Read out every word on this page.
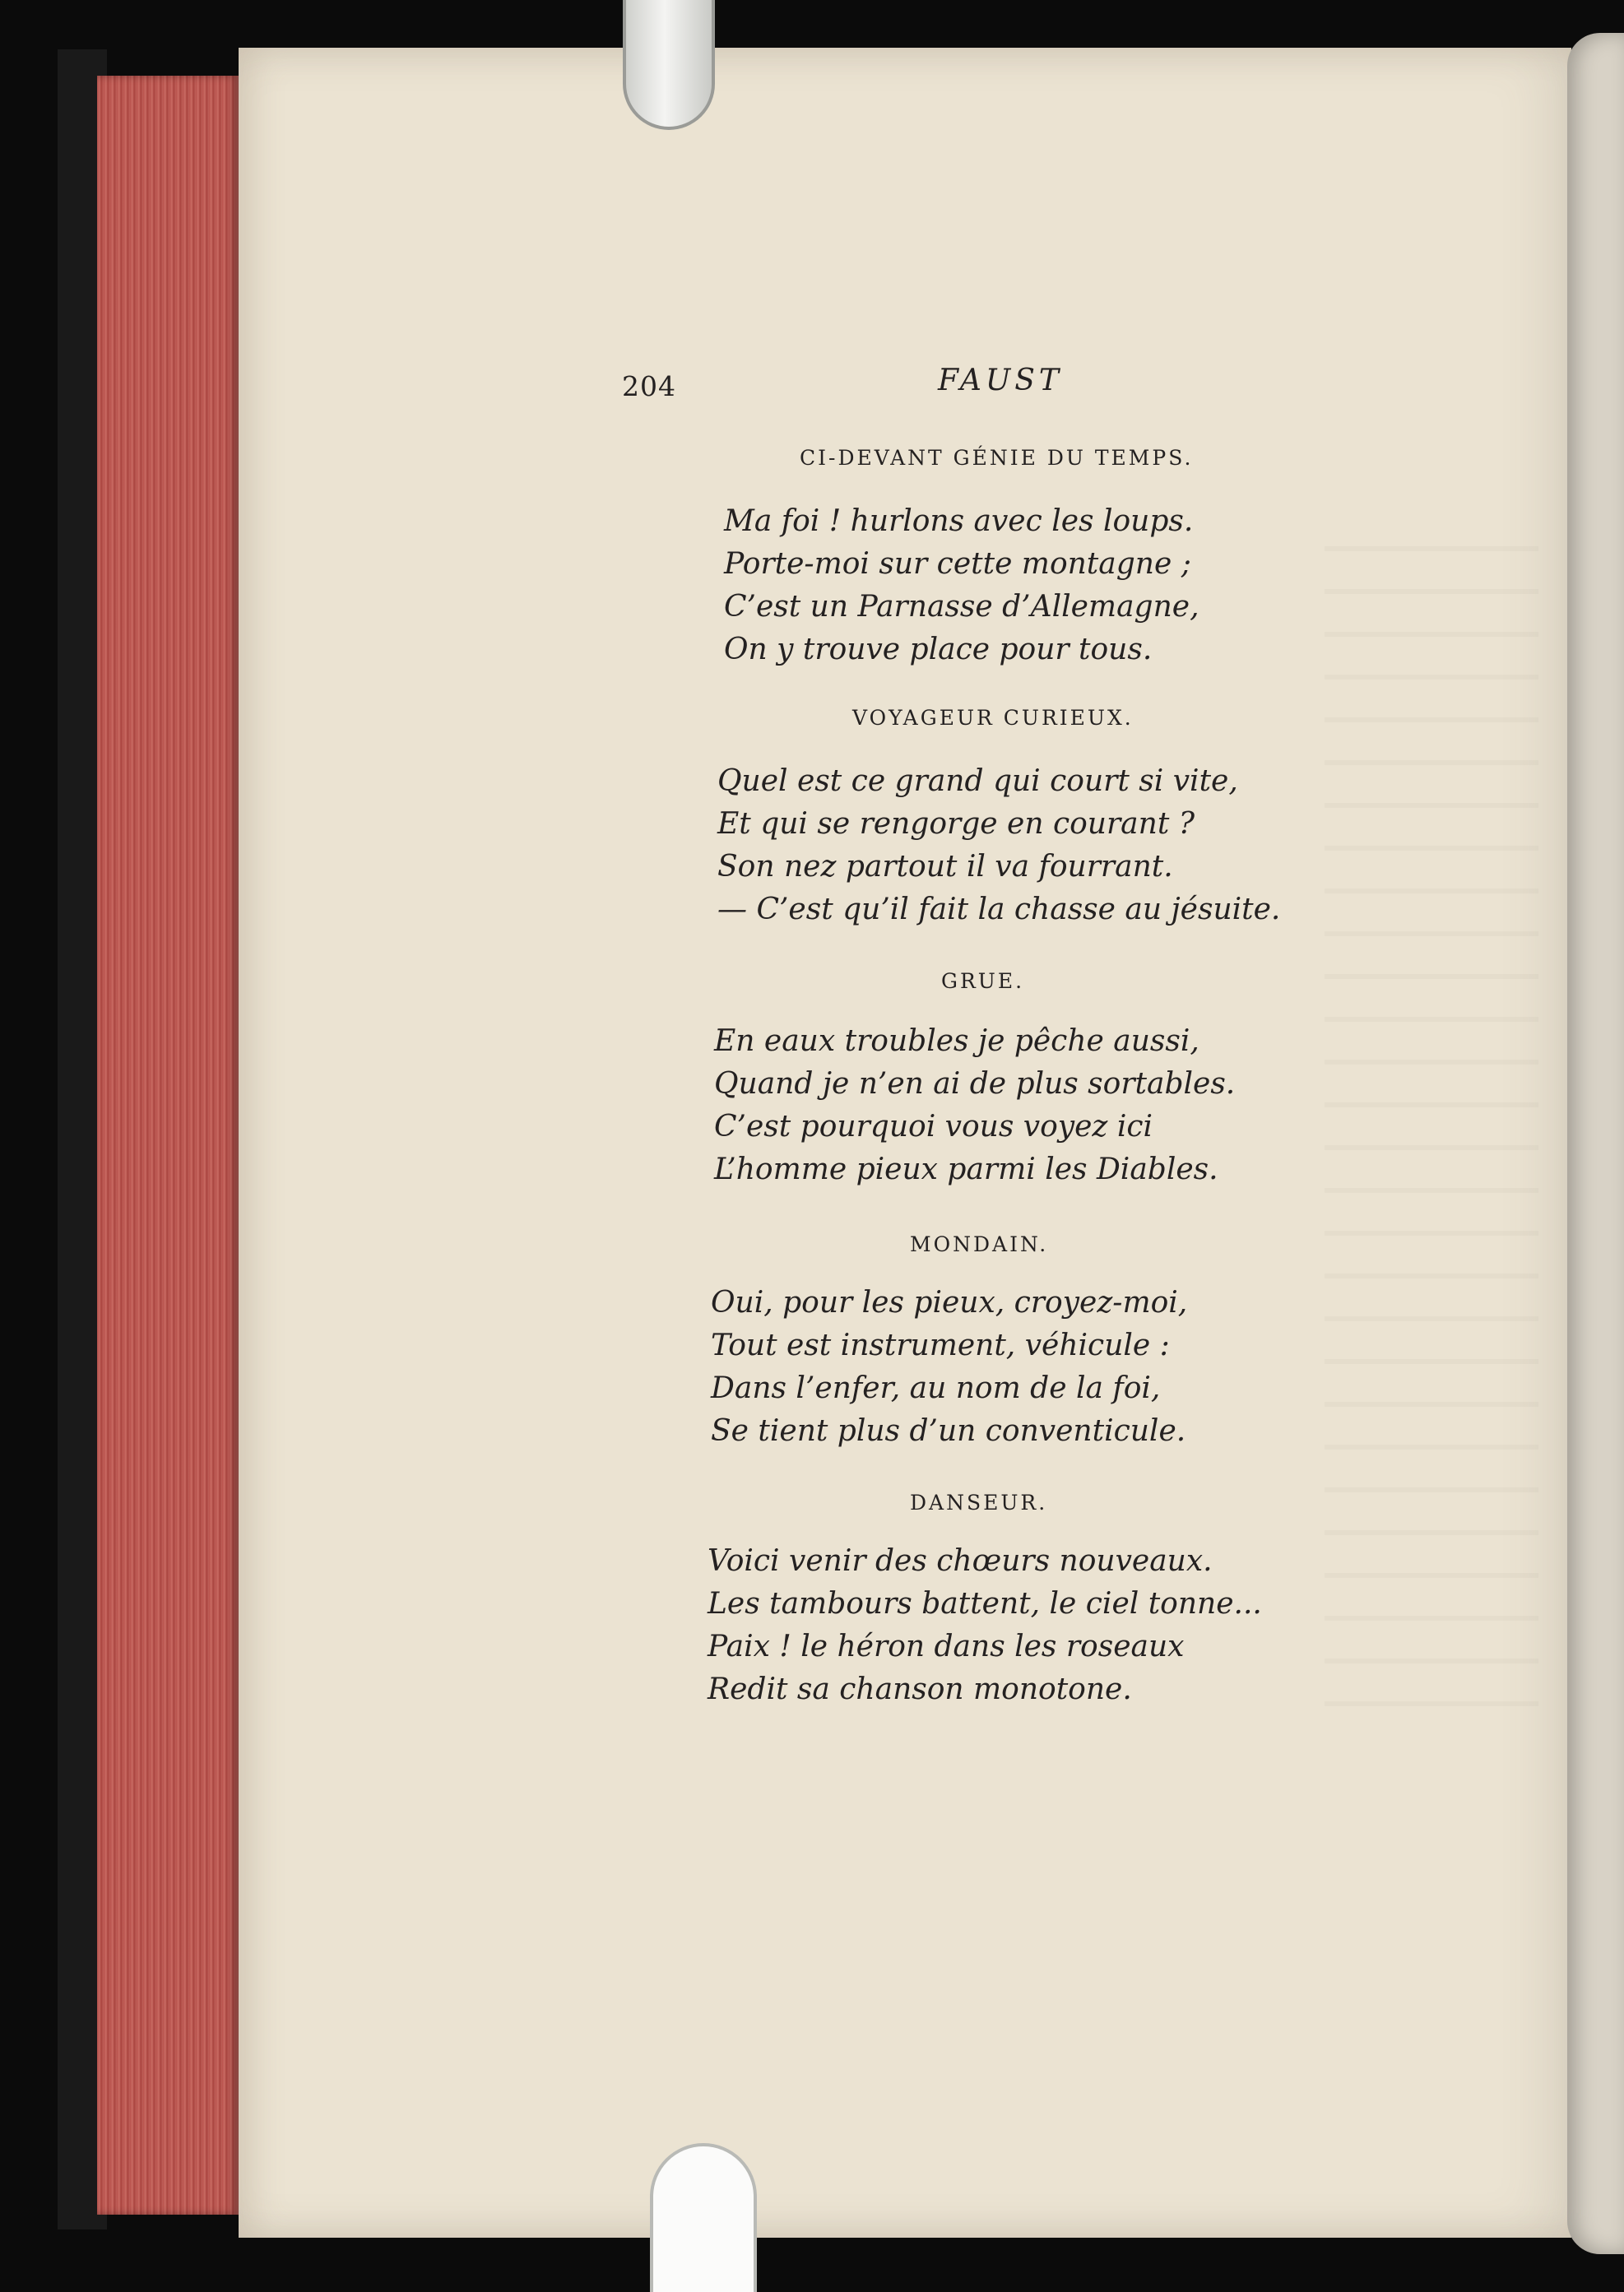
204	FAUST
CI-DEVANT GÉNIE DU TEMPS.
Ma foi ! hurlons avec les loups.
Porte-moi sur cette montagne ;
C’est un Parnasse d’Allemagne,
On y trouve place pour tous.
VOYAGEUR CURIEUX.
Quel est ce grand qui court si vite,
Et qui se rengorge en courant ?
Son nez partout il va fourrant.
— C’est qu’il fait la chasse au jésuite.
GRUE.
En eaux troubles je pêche aussi,
Quand je n’en ai de plus sortables.
C’est pourquoi vous voyez ici
L’homme pieux parmi les Diables.
MONDAIN.
Oui, pour les pieux, croyez-moi,
Tout est instrument, véhicule :
Dans l’enfer, au nom de la foi,
Se tient plus d’un conventicule.
DANSEUR.
Voici venir des chœurs nouveaux.
Les tambours battent, le ciel tonne...
Paix ! le héron dans les roseaux
Redit sa chanson monotone.
